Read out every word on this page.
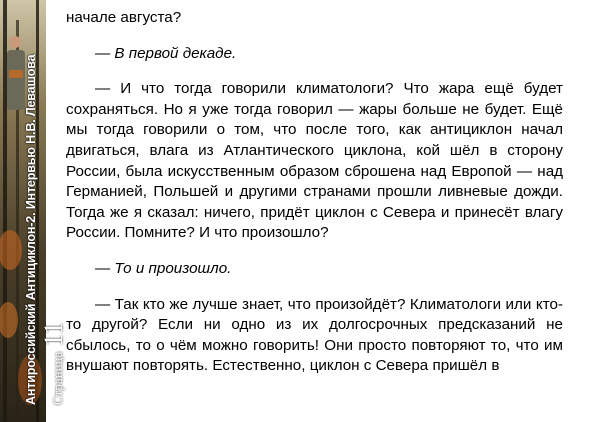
Антироссийский Антициклон-2. Интервью Н.В. Левашова Страница 11

начале августа?

— В первой декаде.

— И что тогда говорили климатологи? Что жара ещё будет сохраняться. Но я уже тогда говорил — жары больше не будет. Ещё мы тогда говорили о том, что после того, как антициклон начал двигаться, влага из Атлантического циклона, кой шёл в сторону России, была искусственным образом сброшена над Европой — над Германией, Польшей и другими странами прошли ливневые дожди. Тогда же я сказал: ничего, придёт циклон с Севера и принесёт влагу России. Помните? И что произошло?

— То и произошло.

— Так кто же лучше знает, что произойдёт? Климатологи или кто-то другой? Если ни одно из их долгосрочных предсказаний не сбылось, то о чём можно говорить! Они просто повторяют то, что им внушают повторять. Естественно, циклон с Севера пришёл в
